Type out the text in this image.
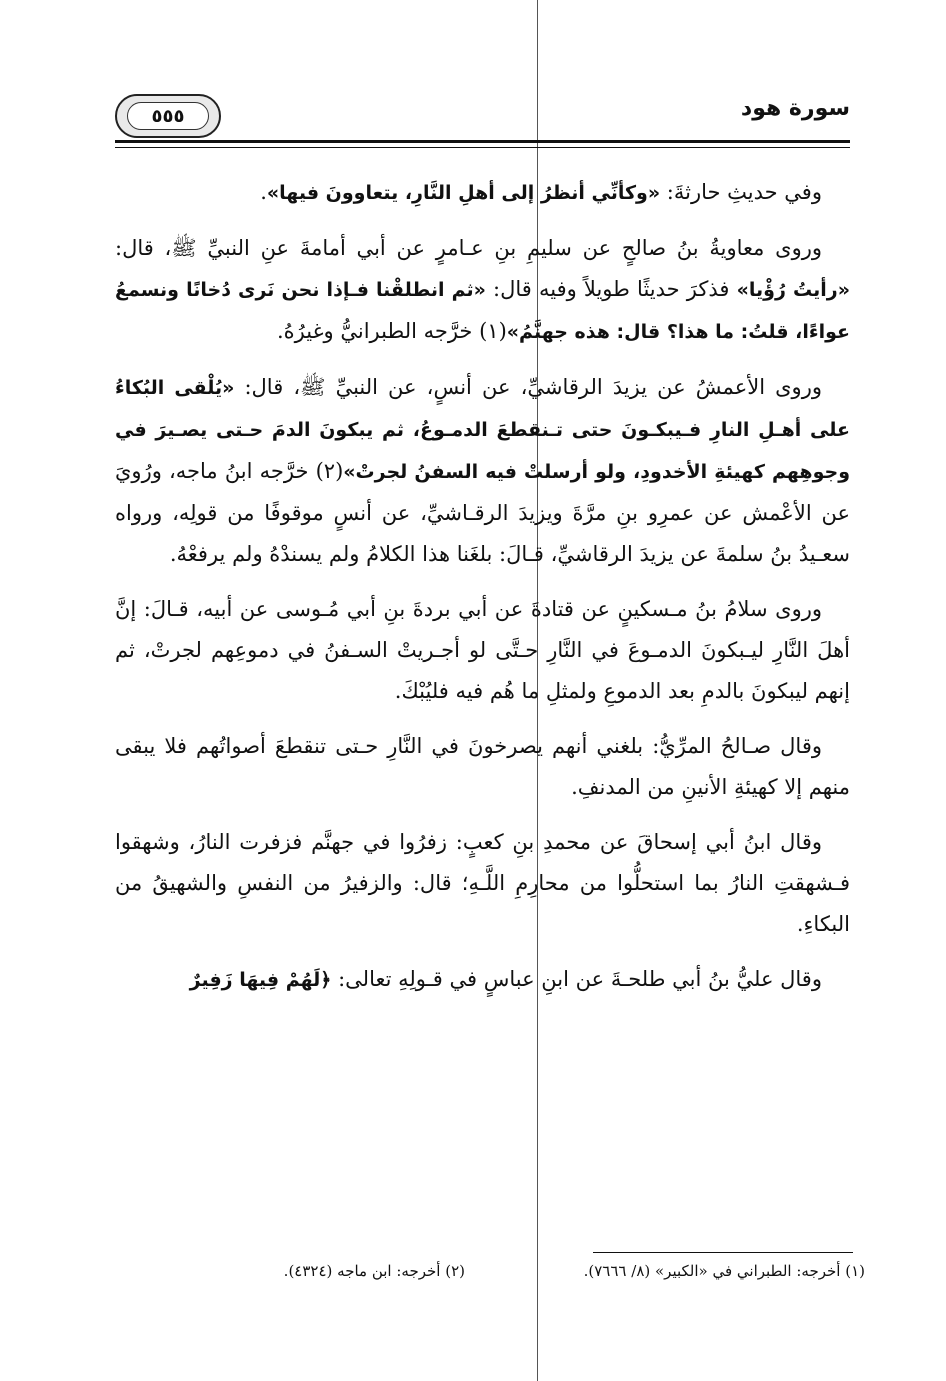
٥٥٥	سورة هود

وفي حديثِ حارثةَ: «وكأنِّي أنظرُ إلى أهلِ النَّارِ، يتعاوونَ فيها».

وروى معاويةُ بنُ صالحٍ عن سليمِ بنِ عـامرٍ عن أبي أمامةَ عنِ النبيِّ ﷺ، قال: «رأيتُ رُؤْيا» فذكرَ حديثًا طويلاً وفيه قال: «ثم انطلقْنا فـإذا نحن نَرى دُخانًا ونسمعُ عواءًا، قلتُ: ما هذا؟ قال: هذه جهنَّمُ»(١) خرَّجه الطبرانيُّ وغيرُهُ.

وروى الأعمشُ عن يزيدَ الرقاشيِّ، عن أنسٍ، عن النبيِّ ﷺ، قال: «يُلْقى البُكاءُ على أهـلِ النارِ فـيبكـونَ حتى تـنقطعَ الدمـوعُ، ثم يبكونَ الدمَ حـتى يصـيرَ في وجوهِهم كهيئةِ الأخدودِ، ولو أرسلتْ فيه السفنُ لجرتْ»(٢) خرَّجه ابنُ ماجه، ورُويَ عن الأعْمش عن عمرِو بنِ مرَّةَ ويزيدَ الرقـاشيِّ، عن أنسٍ موقوفًا من قولِه، ورواه سعـيدُ بنُ سلمةَ عن يزيدَ الرقاشيِّ، قـالَ: بلغَنا هذا الكلامُ ولم يسندْهُ ولم يرفعْهُ.

وروى سلامُ بنُ مـسكينٍ عن قتادةَ عن أبي بردةَ بنِ أبي مُـوسى عن أبيه، قـالَ: إنَّ أهلَ النَّارِ ليـبكونَ الدمـوعَ في النَّارِ حـتَّى لو أجـريتْ السـفنُ في دموعِهم لجرتْ، ثم إنهم ليبكونَ بالدمِ بعد الدموعِ ولمثلِ ما هُم فيه فليُبْكَ.

وقال صـالحُ المرِّيُّ: بلغني أنهم يصرخونَ في النَّارِ حـتى تنقطعَ أصواتُهم فلا يبقى منهم إلا كهيئةِ الأنينِ من المدنفِ.

وقال ابنُ أبي إسحاقَ عن محمدِ بنِ كعبٍ: زفرُوا في جهنَّم فزفرت النارُ، وشهقوا فـشهقتِ النارُ بما استحلُّوا من محارِمِ اللَّـهِ؛ قال: والزفيرُ من النفسِ والشهيقُ من البكاءِ.

وقال عليُّ بنُ أبي طلحـةَ عن ابنِ عباسٍ في قـولِهِ تعالى: ﴿لَهُمْ فِيهَا زَفِيرٌ

(١) أخرجه: الطبراني في «الكبير» (٨/ ٧٦٦٦).
(٢) أخرجه: ابن ماجه (٤٣٢٤).
